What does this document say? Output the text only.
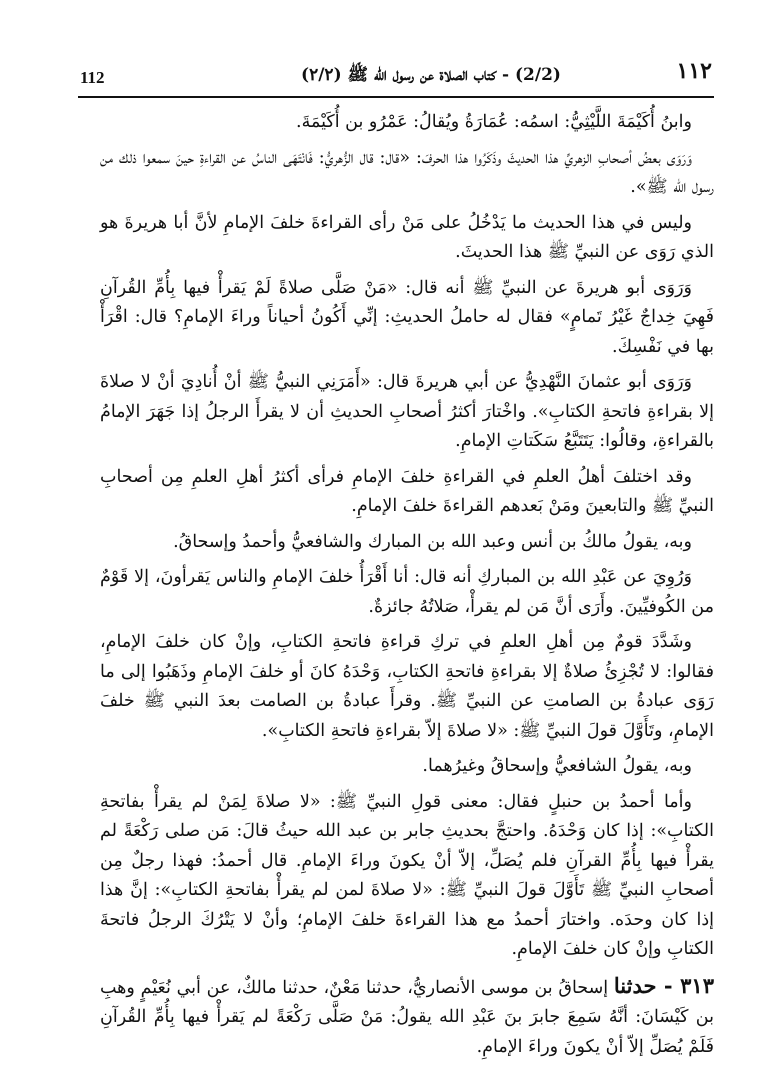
١١٢
(2/2) - كتاب الصلاة عن رسول الله ﷺ (٢/٢)
112

وابنُ أُكَيْمَةَ اللَّيْثِيُّ: اسمُه: عُمَارَةُ ويُقالُ: عَمْرُو بن أُكَيْمَةَ.

وَرَوَى بعضُ أصحابِ الزهريِّ هذا الحديثَ وذَكَرُوا هذا الحرفَ: «قال: قال الزُّهريُّ: فَانْتَهَى الناسُ عن القراءةِ حينَ سمعوا ذلك من رسول الله ﷺ».

وليس في هذا الحديث ما يَدْخُلُ على مَنْ رأى القراءةَ خلفَ الإمامِ لأنَّ أبا هريرةَ هو الذي رَوَى عن النبيِّ ﷺ هذا الحديثَ.

وَرَوَى أبو هريرةَ عن النبيِّ ﷺ أنه قال: «مَنْ صَلَّى صلاةً لَمْ يَقرأْ فيها بِأُمِّ القُرآنِ فَهِيَ خِداجٌ غَيْرُ تَمامٍ» فقال له حاملُ الحديثِ: إنِّي أَكُونُ أحياناً وراءَ الإمامِ؟ قال: اقْرَأْ بها في نَفْسِكَ.

وَرَوَى أبو عثمانَ النَّهْدِيُّ عن أبي هريرةَ قال: «أَمَرَنِي النبيُّ ﷺ أنْ أُنادِيَ أنْ لا صلاةَ إلا بقراءةِ فاتحةِ الكتابِ». واخْتارَ أكثرُ أصحابِ الحديثِ أن لا يقرأَ الرجلُ إذا جَهَرَ الإمامُ بالقراءةِ، وقالُوا: يَتَتَبَّعُ سَكَتاتِ الإمامِ.

وقد اختلفَ أهلُ العلمِ في القراءةِ خلفَ الإمامِ فرأى أكثرُ أهلِ العلمِ مِن أصحابِ النبيِّ ﷺ والتابعينَ ومَنْ بَعدهم القراءةَ خلفَ الإمامِ.

وبه، يقولُ مالكُ بن أنس وعبد الله بن المبارك والشافعيُّ وأحمدُ وإسحاقُ.

وَرُوِيَ عن عَبْدِ الله بن المباركِ أنه قال: أنا أَقْرَأُ خلفَ الإمامِ والناس يَقرأونَ، إلا قَوْمٌ من الكُوفيِّينَ. وأَرَى أنَّ مَن لم يقرأْ، صَلاتُهُ جائزةٌ.

وشَدَّدَ قومٌ مِن أهلِ العلمِ في تركِ قراءةِ فاتحةِ الكتابِ، وإنْ كان خلفَ الإمامِ، فقالوا: لا تُجْزِئُ صلاةٌ إلا بقراءةِ فاتحةِ الكتابِ، وَحْدَهُ كانَ أو خلفَ الإمامِ وذَهَبُوا إلى ما رَوَى عبادةُ بن الصامتِ عن النبيِّ ﷺ. وقرأَ عبادةُ بن الصامت بعدَ النبي ﷺ خلفَ الإمامِ، وتَأَوَّلَ قولَ النبيِّ ﷺ: «لا صلاةَ إلاّ بقراءةِ فاتحةِ الكتابِ».

وبه، يقولُ الشافعيُّ وإسحاقُ وغيرُهما.

وأما أحمدُ بن حنبلٍ فقال: معنى قولِ النبيِّ ﷺ: «لا صلاةَ لِمَنْ لم يقرأْ بفاتحةِ الكتابِ»: إذا كان وَحْدَهُ. واحتجَّ بحديثِ جابر بن عبد الله حيثُ قالَ: مَن صلى رَكْعَةً لم يقرأْ فيها بِأُمِّ القرآنِ فلم يُصَلِّ، إلاّ أنْ يكونَ وراءَ الإمامِ. قال أحمدُ: فهذا رجلٌ مِن أصحابِ النبيِّ ﷺ تَأَوَّلَ قولَ النبيِّ ﷺ: «لا صلاةَ لمن لم يقرأْ بفاتحةِ الكتابِ»: إنَّ هذا إذا كان وحدَه. واختارَ أحمدُ مع هذا القراءةَ خلفَ الإمامِ؛ وأنْ لا يَتْرُكَ الرجلُ فاتحةَ الكتابِ وإنْ كان خلفَ الإمامِ.

٣١٣ - حدثنا إسحاقُ بن موسى الأنصاريُّ، حدثنا مَعْنٌ، حدثنا مالكٌ، عن أبي نُعَيْمٍ وهبِ بن كَيْسَانَ: أنَّهُ سَمِعَ جابرَ بنَ عَبْدِ الله يقولُ: مَنْ صَلَّى رَكْعَةً لم يَقرأْ فيها بِأُمِّ القُرآنِ فَلَمْ يُصَلِّ إلاّ أنْ يكونَ وراءَ الإمامِ.
